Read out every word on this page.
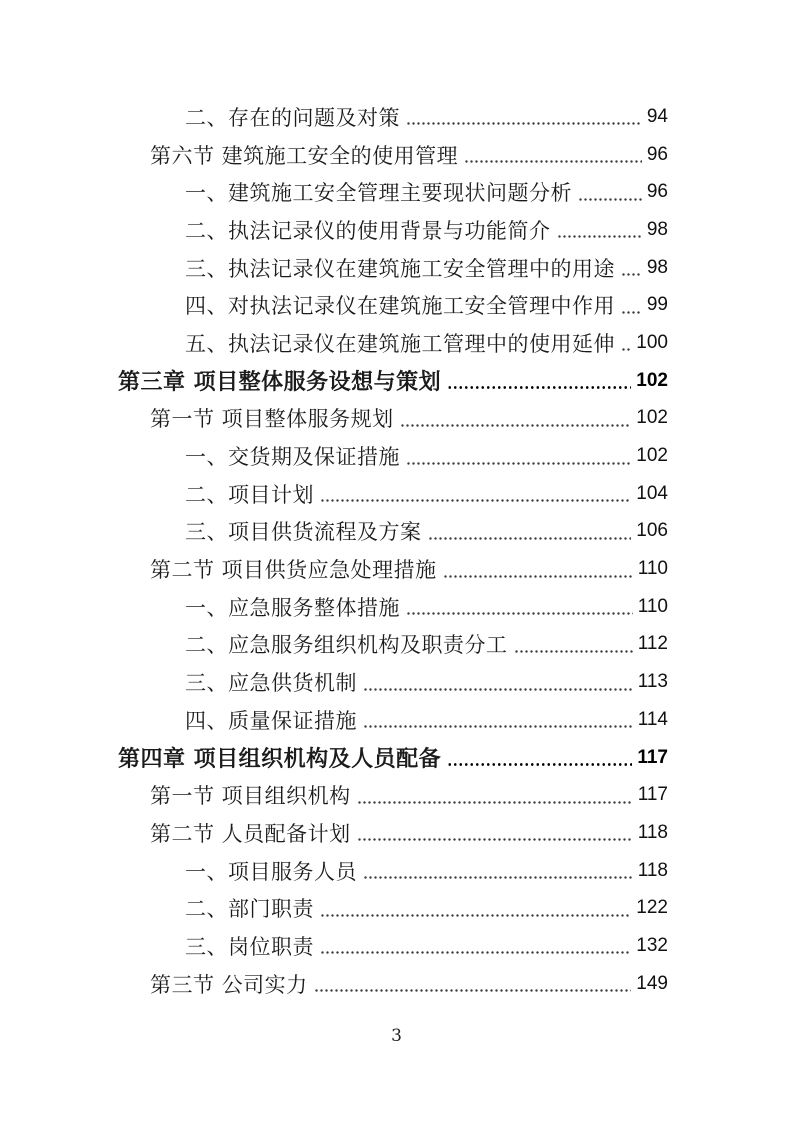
二、存在的问题及对策	94
第六节 建筑施工安全的使用管理	96
一、建筑施工安全管理主要现状问题分析	96
二、执法记录仪的使用背景与功能简介	98
三、执法记录仪在建筑施工安全管理中的用途 98
四、对执法记录仪在建筑施工安全管理中作用 99
五、执法记录仪在建筑施工管理中的使用延伸 100
第三章 项目整体服务设想与策划	102
第一节 项目整体服务规划	102
一、交货期及保证措施	102
二、项目计划	104
三、项目供货流程及方案	106
第二节 项目供货应急处理措施	110
一、应急服务整体措施	110
二、应急服务组织机构及职责分工	112
三、应急供货机制	113
四、质量保证措施	114
第四章 项目组织机构及人员配备	117
第一节 项目组织机构	117
第二节 人员配备计划	118
一、项目服务人员	118
二、部门职责	122
三、岗位职责	132
第三节 公司实力	149
3
